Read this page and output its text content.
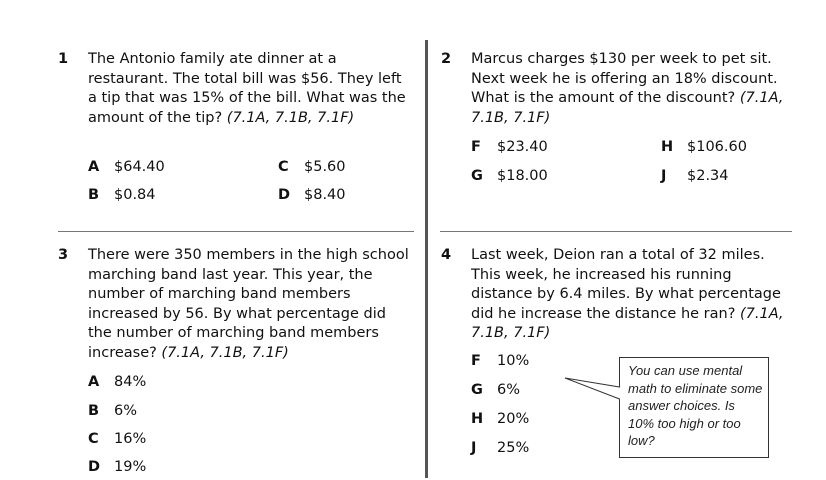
1 The Antonio family ate dinner at a restaurant. The total bill was $56. They left a tip that was 15% of the bill. What was the amount of the tip? (7.1A, 7.1B, 7.1F)
A $64.40
B $0.84
C $5.60
D $8.40
2 Marcus charges $130 per week to pet sit. Next week he is offering an 18% discount. What is the amount of the discount? (7.1A, 7.1B, 7.1F)
F $23.40
G $18.00
H $106.60
J $2.34
3 There were 350 members in the high school marching band last year. This year, the number of marching band members increased by 56. By what percentage did the number of marching band members increase? (7.1A, 7.1B, 7.1F)
A 84%
B 6%
C 16%
D 19%
4 Last week, Deion ran a total of 32 miles. This week, he increased his running distance by 6.4 miles. By what percentage did he increase the distance he ran? (7.1A, 7.1B, 7.1F)
F 10%
G 6%
H 20%
J 25%
You can use mental math to eliminate some answer choices. Is 10% too high or too low?
